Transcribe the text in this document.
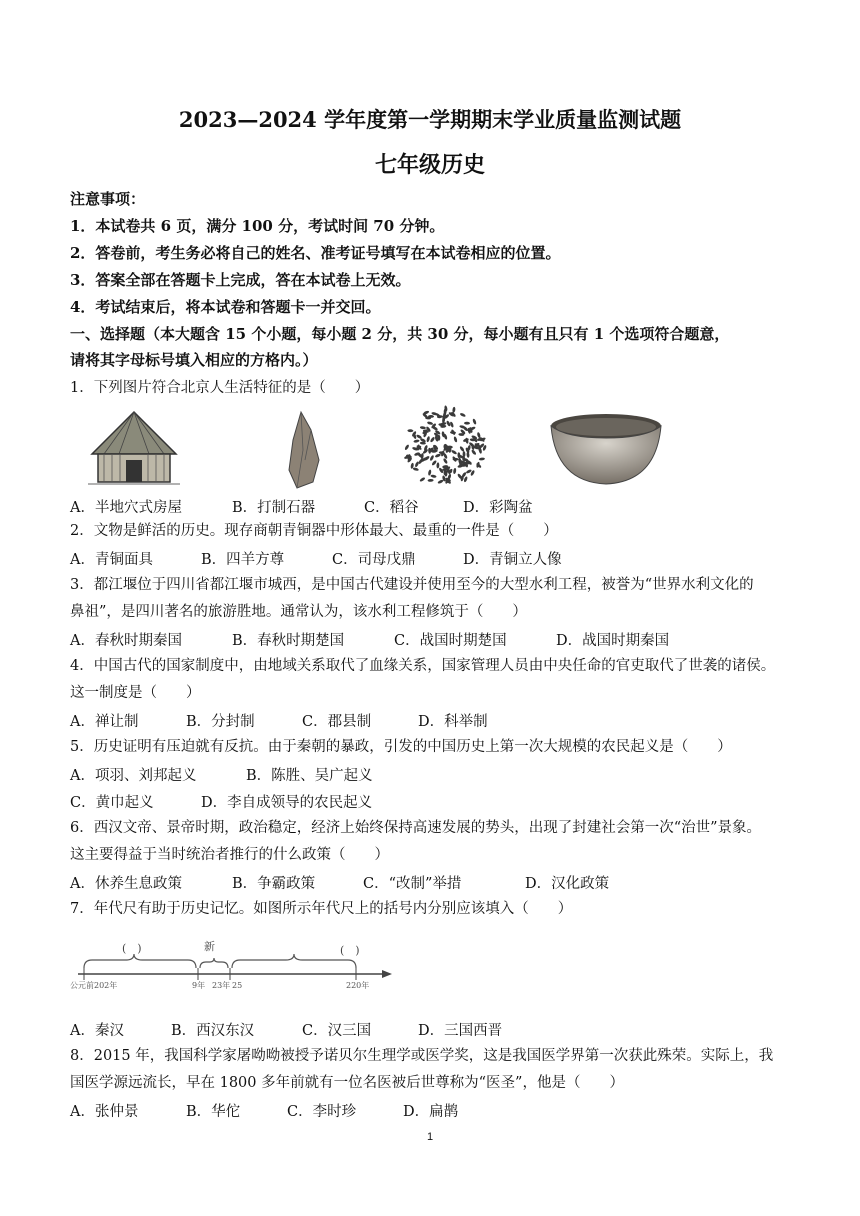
2023—2024 学年度第一学期期末学业质量监测试题
七年级历史
注意事项：
1．本试卷共 6 页，满分 100 分，考试时间 70 分钟。
2．答卷前，考生务必将自己的姓名、准考证号填写在本试卷相应的位置。
3．答案全部在答题卡上完成，答在本试卷上无效。
4．考试结束后，将本试卷和答题卡一并交回。
一、选择题（本大题含 15 个小题，每小题 2 分，共 30 分，每小题有且只有 1 个选项符合题意，
请将其字母标号填入相应的方格内。）
1．下列图片符合北京人生活特征的是（　　）
A．半地穴式房屋	B．打制石器	C．稻谷	D．彩陶盆
2．文物是鲜活的历史。现存商朝青铜器中形体最大、最重的一件是（　　）
A．青铜面具	B．四羊方尊	C．司母戊鼎	D．青铜立人像
3．都江堰位于四川省都江堰市城西，是中国古代建设并使用至今的大型水利工程，被誉为“世界水利文化的
鼻祖”，是四川著名的旅游胜地。通常认为，该水利工程修筑于（　　）
A．春秋时期秦国	B．春秋时期楚国	C．战国时期楚国	D．战国时期秦国
4．中国古代的国家制度中，由地域关系取代了血缘关系，国家管理人员由中央任命的官吏取代了世袭的诸侯。
这一制度是（　　）
A．禅让制	B．分封制	C．郡县制	D．科举制
5．历史证明有压迫就有反抗。由于秦朝的暴政，引发的中国历史上第一次大规模的农民起义是（　　）
A．项羽、刘邦起义	B．陈胜、吴广起义
C．黄巾起义	D．李自成领导的农民起义
6．西汉文帝、景帝时期，政治稳定，经济上始终保持高速发展的势头，出现了封建社会第一次“治世”景象。
这主要得益于当时统治者推行的什么政策（　　）
A．休养生息政策	B．争霸政策	C．“改制”举措	D．汉化政策
7．年代尺有助于历史记忆。如图所示年代尺上的括号内分别应该填入（　　）
(　)	新	(　)
公元前202年	9年 23年 25	220年
A．秦汉	B．西汉东汉	C．汉三国	D．三国西晋
8．2015 年，我国科学家屠呦呦被授予诺贝尔生理学或医学奖，这是我国医学界第一次获此殊荣。实际上，我
国医学源远流长，早在 1800 多年前就有一位名医被后世尊称为“医圣”，他是（　　）
A．张仲景	B．华佗	C．李时珍	D．扁鹊
1
